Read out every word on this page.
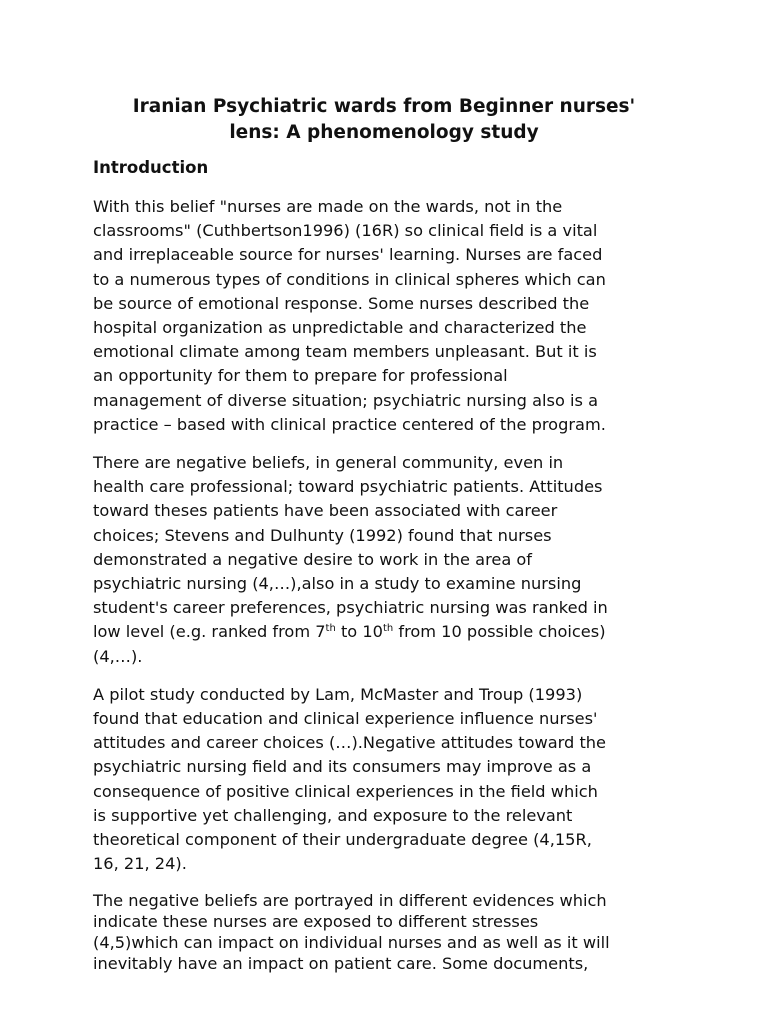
Iranian Psychiatric wards from Beginner nurses'
lens: A phenomenology study
Introduction
With this belief "nurses are made on the wards, not in the
classrooms" (Cuthbertson1996) (16R) so clinical field is a vital
and irreplaceable source for nurses' learning. Nurses are faced
to a numerous types of conditions in clinical spheres which can
be source of emotional response. Some nurses described the
hospital organization as unpredictable and characterized the
emotional climate among team members unpleasant. But it is
an opportunity for them to prepare for professional
management of diverse situation; psychiatric nursing also is a
practice – based with clinical practice centered of the program.
There are negative beliefs, in general community, even in
health care professional; toward psychiatric patients. Attitudes
toward theses patients have been associated with career
choices; Stevens and Dulhunty (1992) found that nurses
demonstrated a negative desire to work in the area of
psychiatric nursing (4,…),also in a study to examine nursing
student's career preferences, psychiatric nursing was ranked in
low level (e.g. ranked from 7th to 10th from 10 possible choices)
(4,…).
A pilot study conducted by Lam, McMaster and Troup (1993)
found that education and clinical experience influence nurses'
attitudes and career choices (…).Negative attitudes toward the
psychiatric nursing field and its consumers may improve as a
consequence of positive clinical experiences in the field which
is supportive yet challenging, and exposure to the relevant
theoretical component of their undergraduate degree (4,15R,
16, 21, 24).
The negative beliefs are portrayed in different evidences which
indicate these nurses are exposed to different stresses
(4,5)which can impact on individual nurses and as well as it will
inevitably have an impact on patient care. Some documents,
